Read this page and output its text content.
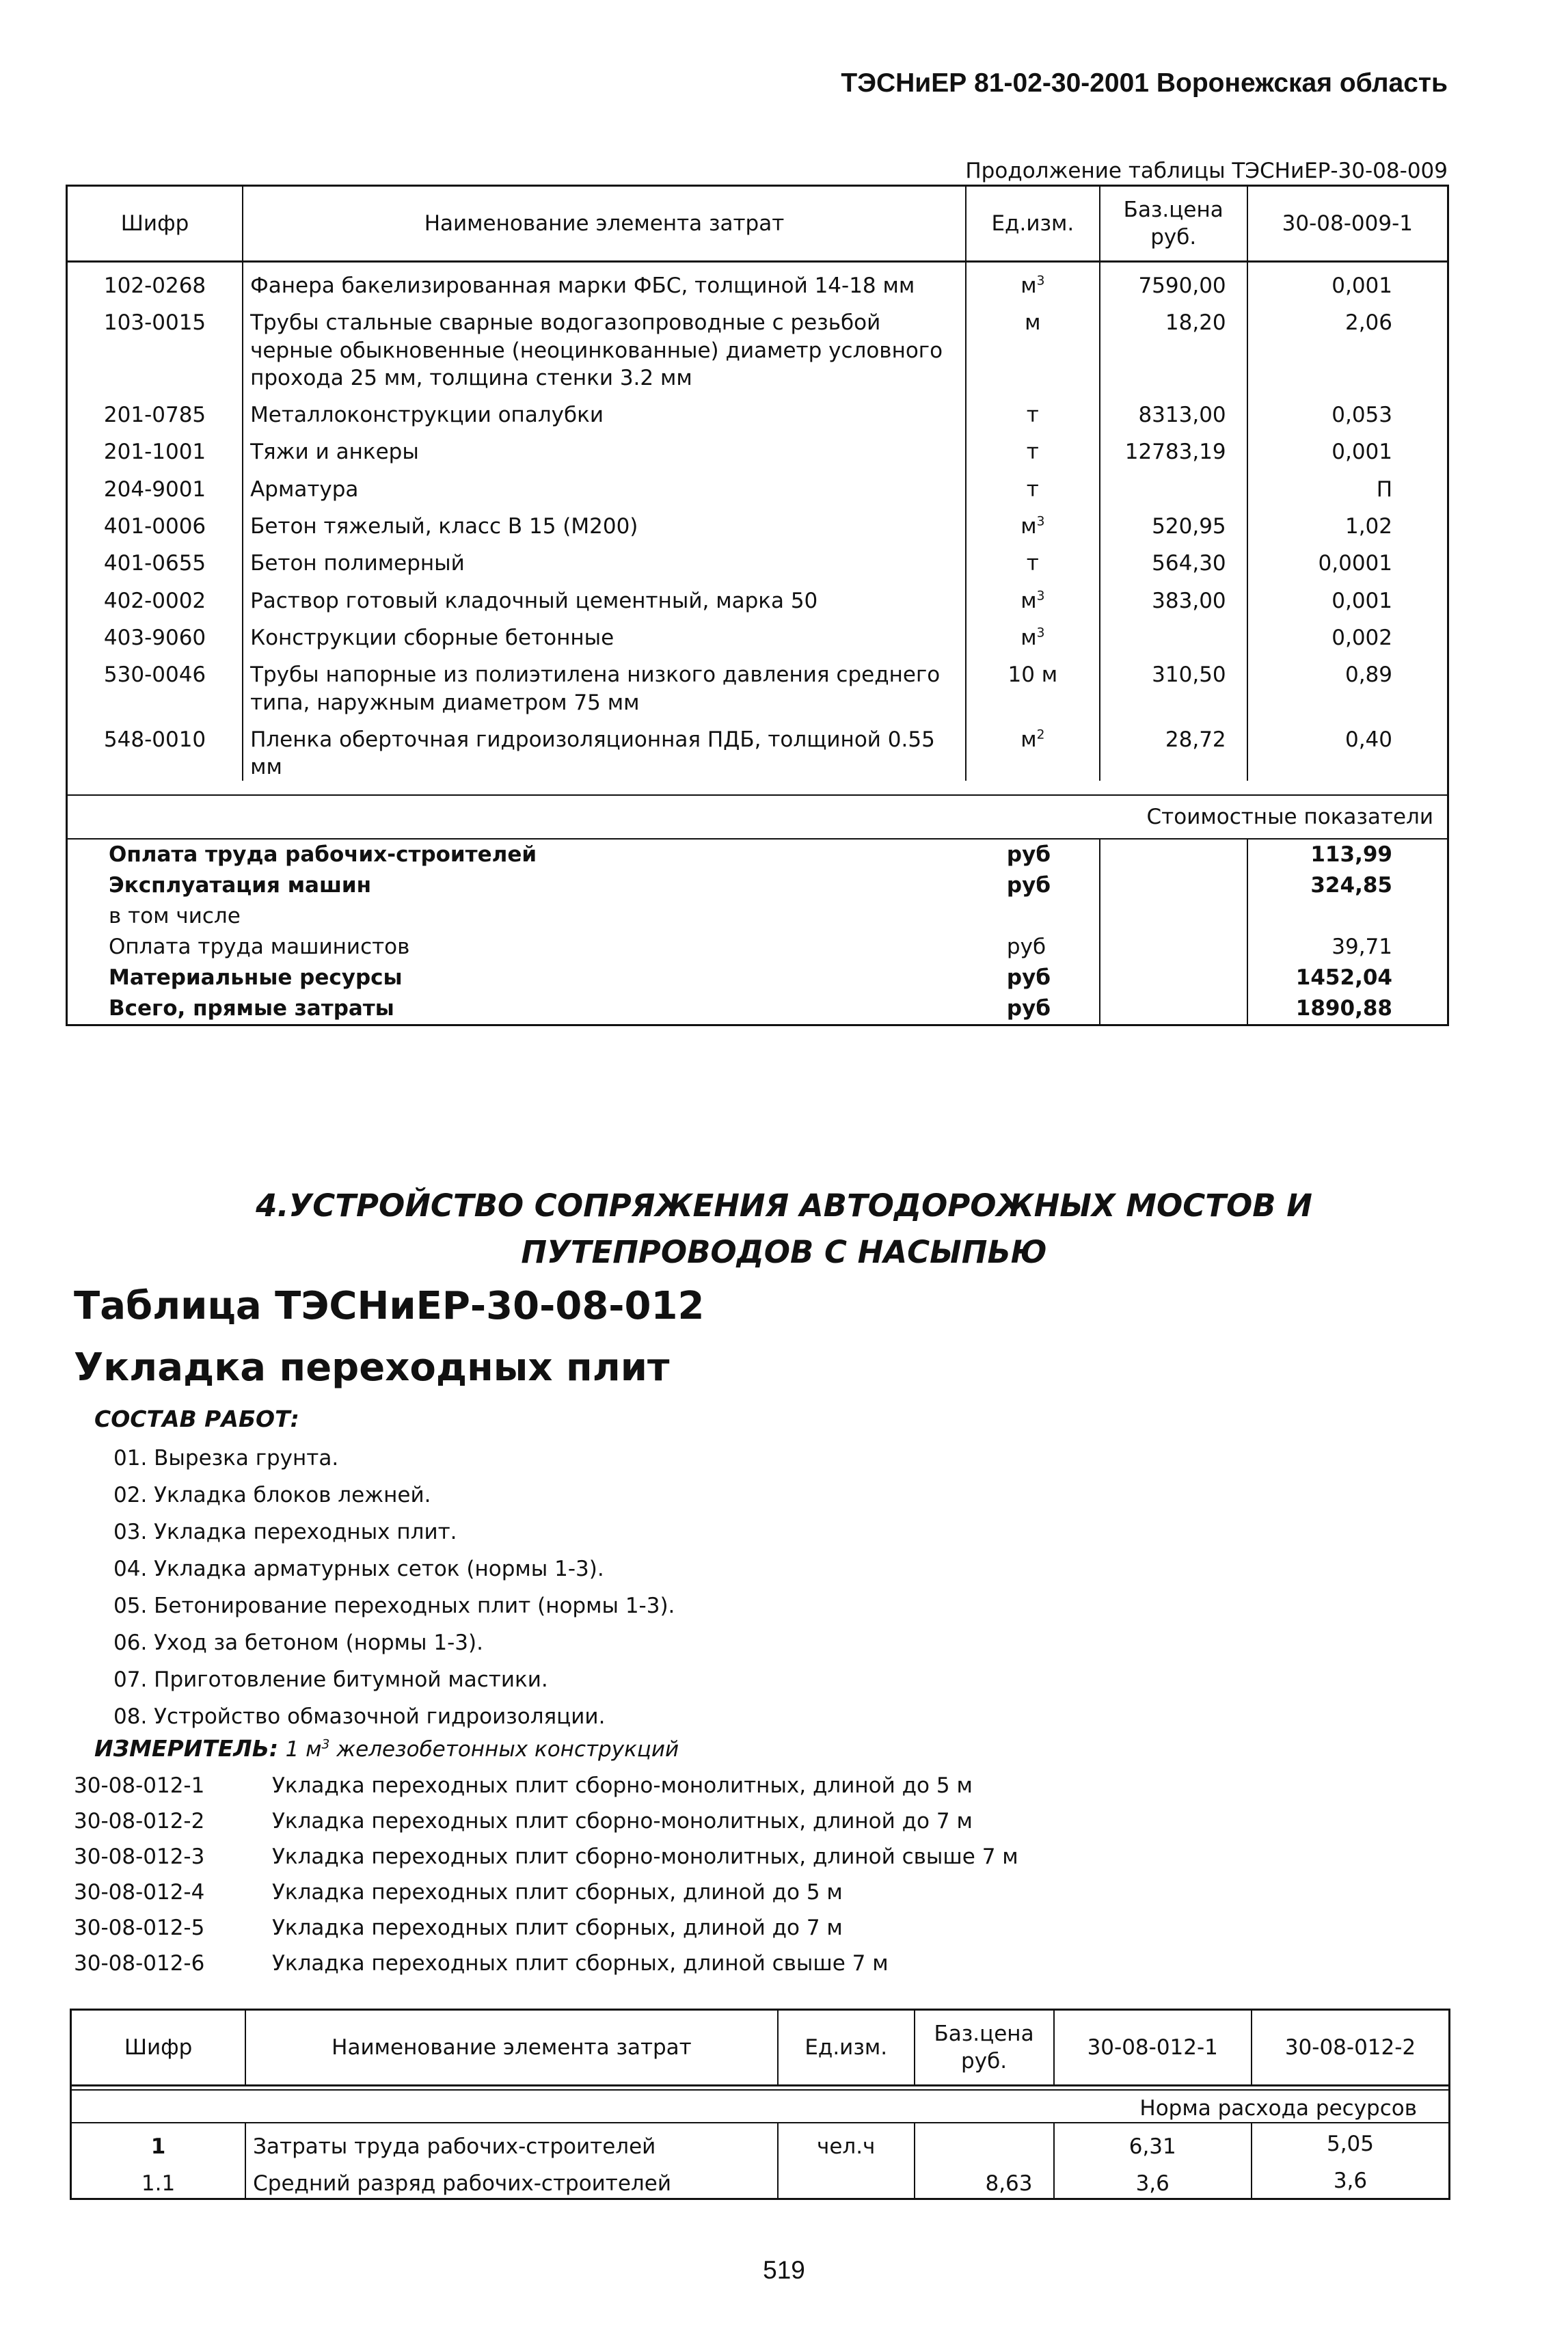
ТЭСНиЕР 81-02-30-2001 Воронежская область
Продолжение таблицы ТЭСНиЕР-30-08-009
Шифр	Наименование элемента затрат	Ед.изм.	Баз.цена руб.	30-08-009-1
102-0268	Фанера бакелизированная марки ФБС, толщиной 14-18 мм	$м^3$	7590,00	0,001
103-0015	Трубы стальные сварные водогазопроводные с резьбой черные обыкновенные (неоцинкованные) диаметр условного прохода 25 мм, толщина стенки 3.2 мм	м	18,20	2,06
201-0785	Металлоконструкции опалубки	т	8313,00	0,053
201-1001	Тяжи и анкеры	т	12783,19	0,001
204-9001	Арматура	т		П
401-0006	Бетон тяжелый, класс В 15 (М200)	$м^3$	520,95	1,02
401-0655	Бетон полимерный	т	564,30	0,0001
402-0002	Раствор готовый кладочный цементный, марка 50	$м^3$	383,00	0,001
403-9060	Конструкции сборные бетонные	$м^3$		0,002
530-0046	Трубы напорные из полиэтилена низкого давления среднего типа, наружным диаметром 75 мм	10 м	310,50	0,89
548-0010	Пленка оберточная гидроизоляционная ПДБ, толщиной 0.55 мм	$м^2$	28,72	0,40

Стоимостные показатели				
Оплата труда рабочих-строителей		руб		113,99
Эксплуатация машин		руб		324,85
в том числе				
Оплата труда машинистов		руб		39,71
Материальные ресурсы		руб		1452,04
Всего, прямые затраты		руб		1890,88
4.УСТРОЙСТВО СОПРЯЖЕНИЯ АВТОДОРОЖНЫХ МОСТОВ И
ПУТЕПРОВОДОВ С НАСЫПЬЮ
Таблица ТЭСНиЕР-30-08-012
Укладка переходных плит
СОСТАВ РАБОТ:
01. Вырезка грунта.
02. Укладка блоков лежней.
03. Укладка переходных плит.
04. Укладка арматурных сеток (нормы 1-3).
05. Бетонирование переходных плит (нормы 1-3).
06. Уход за бетоном (нормы 1-3).
07. Приготовление битумной мастики.
08. Устройство обмазочной гидроизоляции.
ИЗМЕРИТЕЛЬ: 1 $м^3$ железобетонных конструкций
30-08-012-1	Укладка переходных плит сборно-монолитных, длиной до 5 м
30-08-012-2	Укладка переходных плит сборно-монолитных, длиной до 7 м
30-08-012-3	Укладка переходных плит сборно-монолитных, длиной свыше 7 м
30-08-012-4	Укладка переходных плит сборных, длиной до 5 м
30-08-012-5	Укладка переходных плит сборных, длиной до 7 м
30-08-012-6	Укладка переходных плит сборных, длиной свыше 7 м
Шифр	Наименование элемента затрат	Ед.изм.	Баз.цена руб.	30-08-012-1	30-08-012-2

Норма расхода ресурсов					
1	Затраты труда рабочих-строителей	чел.ч		6,31	5,05
1.1	Средний разряд рабочих-строителей		8,63	3,6	3,6
519
